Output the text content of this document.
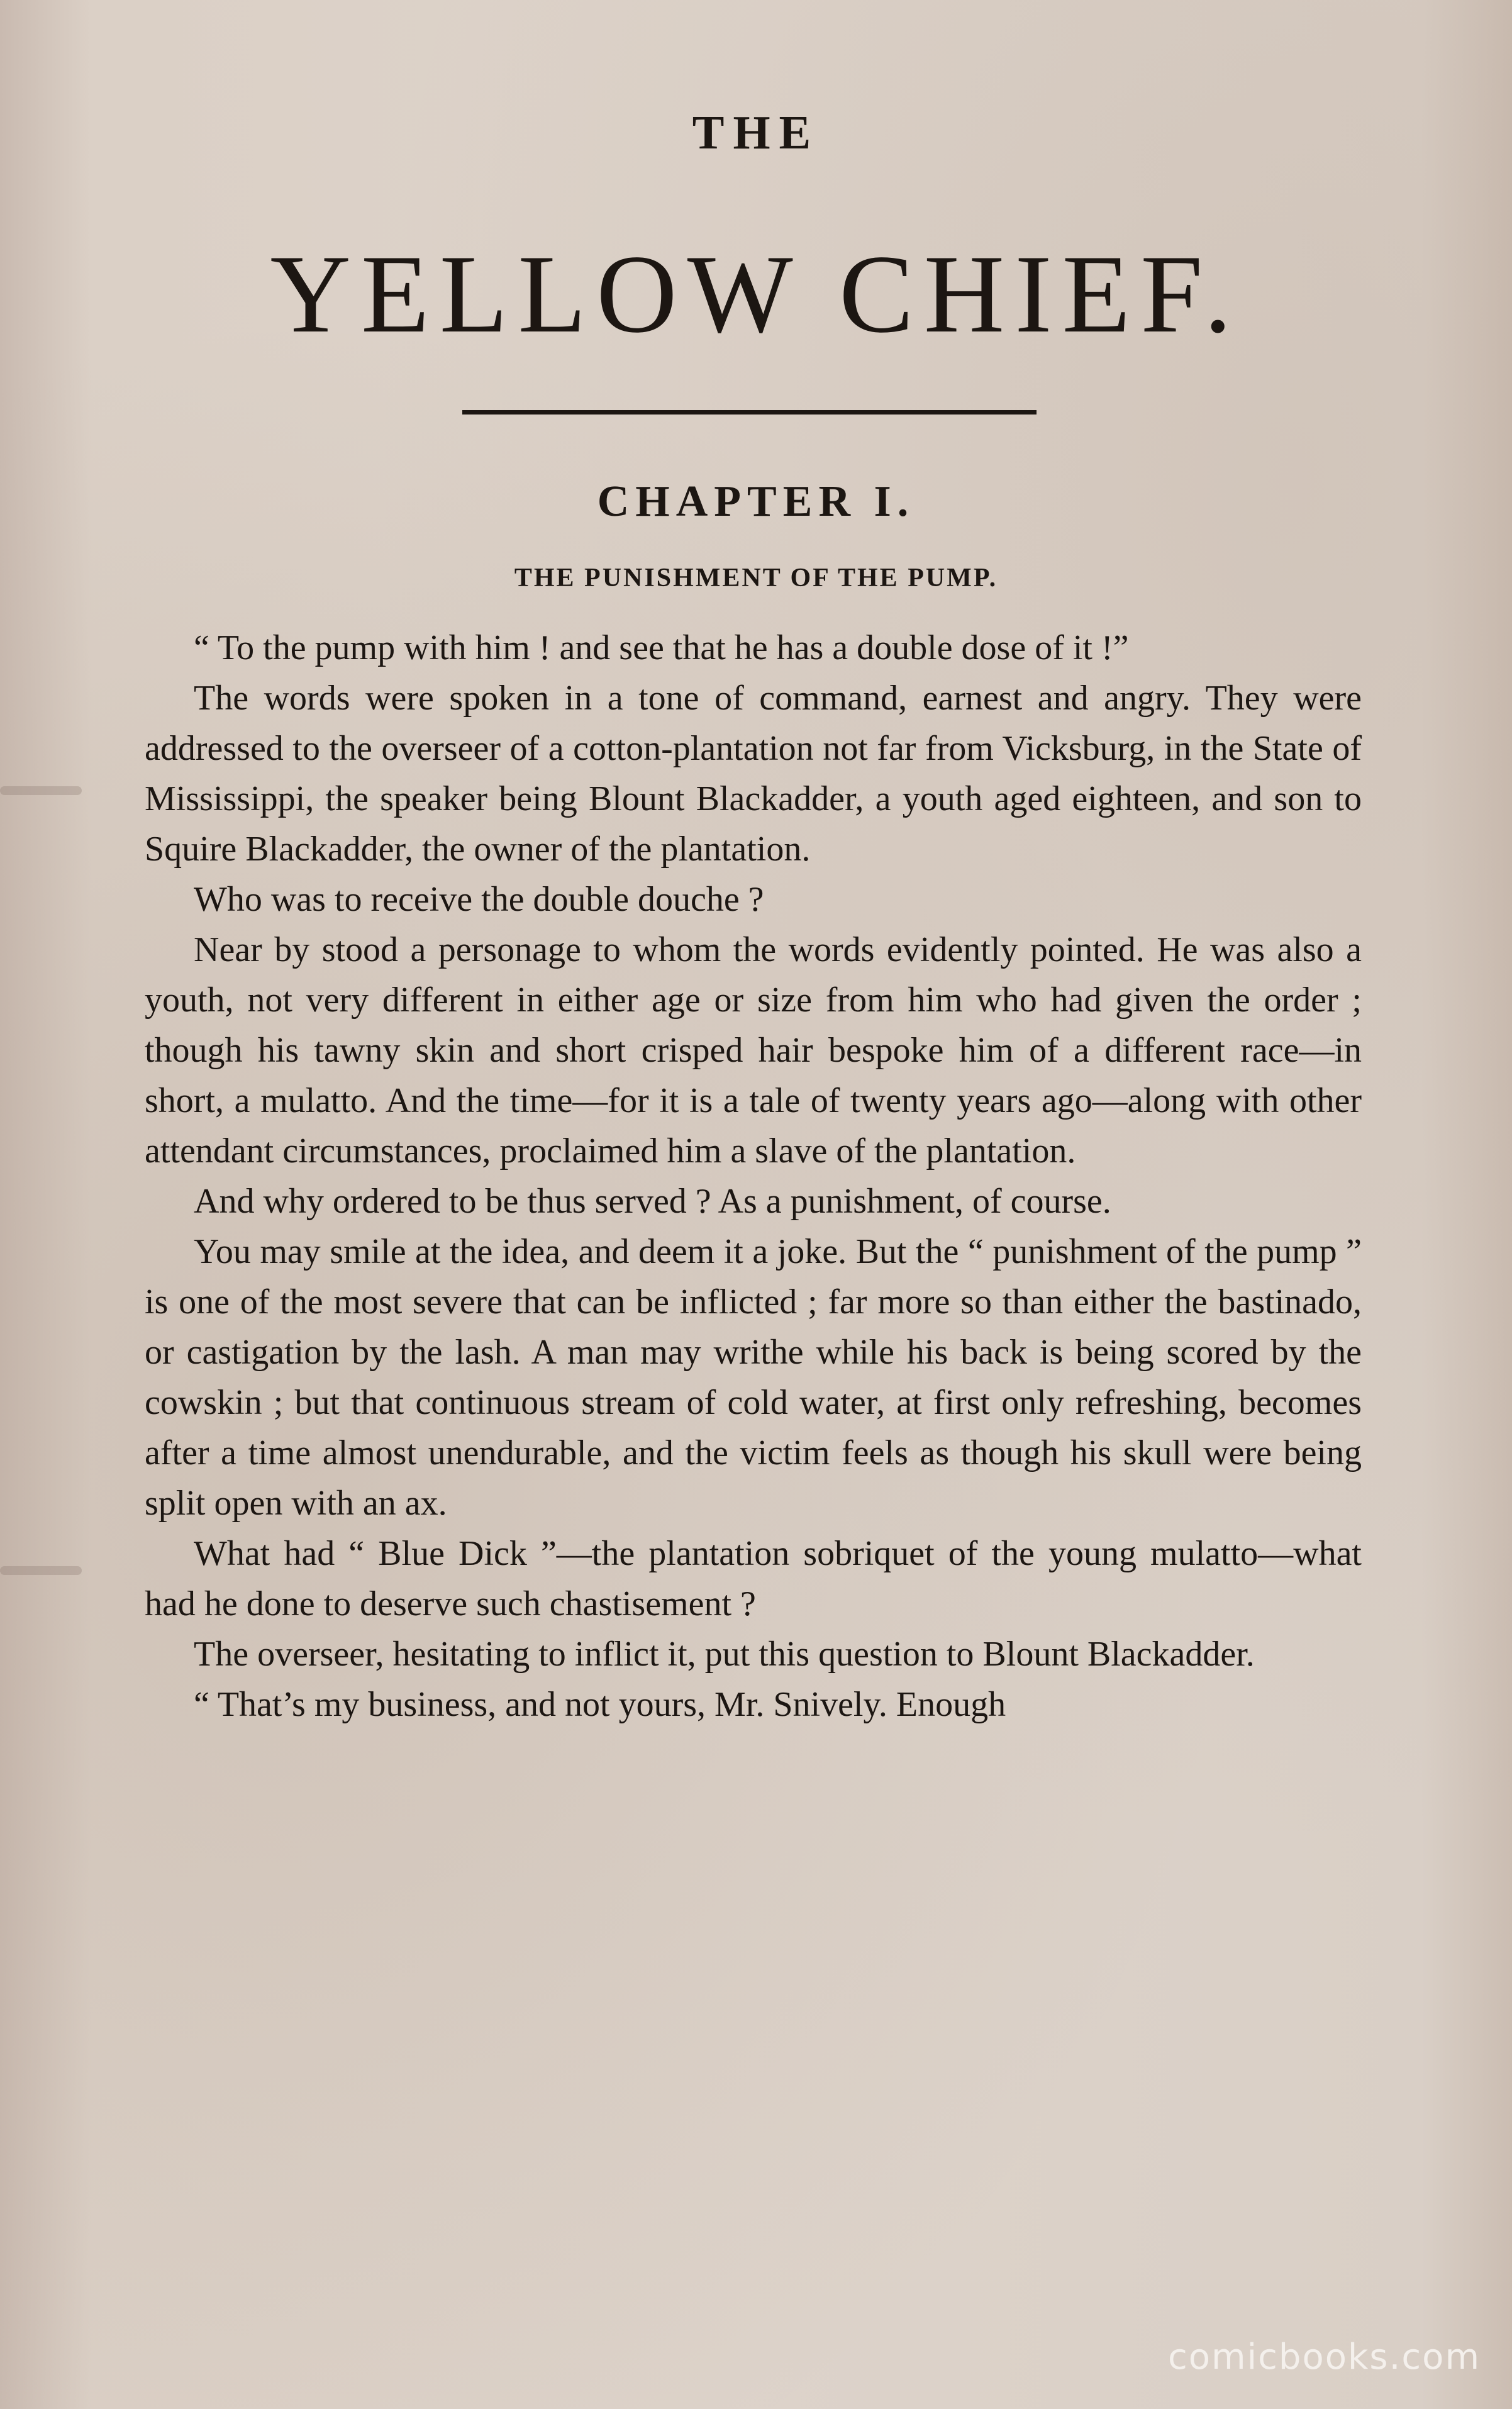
THE
YELLOW CHIEF.
CHAPTER I.
THE PUNISHMENT OF THE PUMP.

“ To the pump with him ! and see that he has a double dose of it !”

The words were spoken in a tone of command, earnest and angry. They were addressed to the overseer of a cotton-plantation not far from Vicksburg, in the State of Mississippi, the speaker being Blount Blackadder, a youth aged eighteen, and son to Squire Blackadder, the owner of the plantation.

Who was to receive the double douche ?

Near by stood a personage to whom the words evidently pointed. He was also a youth, not very different in either age or size from him who had given the order ; though his tawny skin and short crisped hair bespoke him of a different race—in short, a mulatto. And the time—for it is a tale of twenty years ago—along with other attendant circumstances, proclaimed him a slave of the plantation.

And why ordered to be thus served ? As a punishment, of course.

You may smile at the idea, and deem it a joke. But the “ punishment of the pump ” is one of the most severe that can be inflicted ; far more so than either the bastinado, or castigation by the lash. A man may writhe while his back is being scored by the cowskin ; but that continuous stream of cold water, at first only refreshing, becomes after a time almost unendurable, and the victim feels as though his skull were being split open with an ax.

What had “ Blue Dick ”—the plantation sobriquet of the young mulatto—what had he done to deserve such chastisement ?

The overseer, hesitating to inflict it, put this question to Blount Blackadder.

“ That’s my business, and not yours, Mr. Snively. Enough

comicbooks.com
